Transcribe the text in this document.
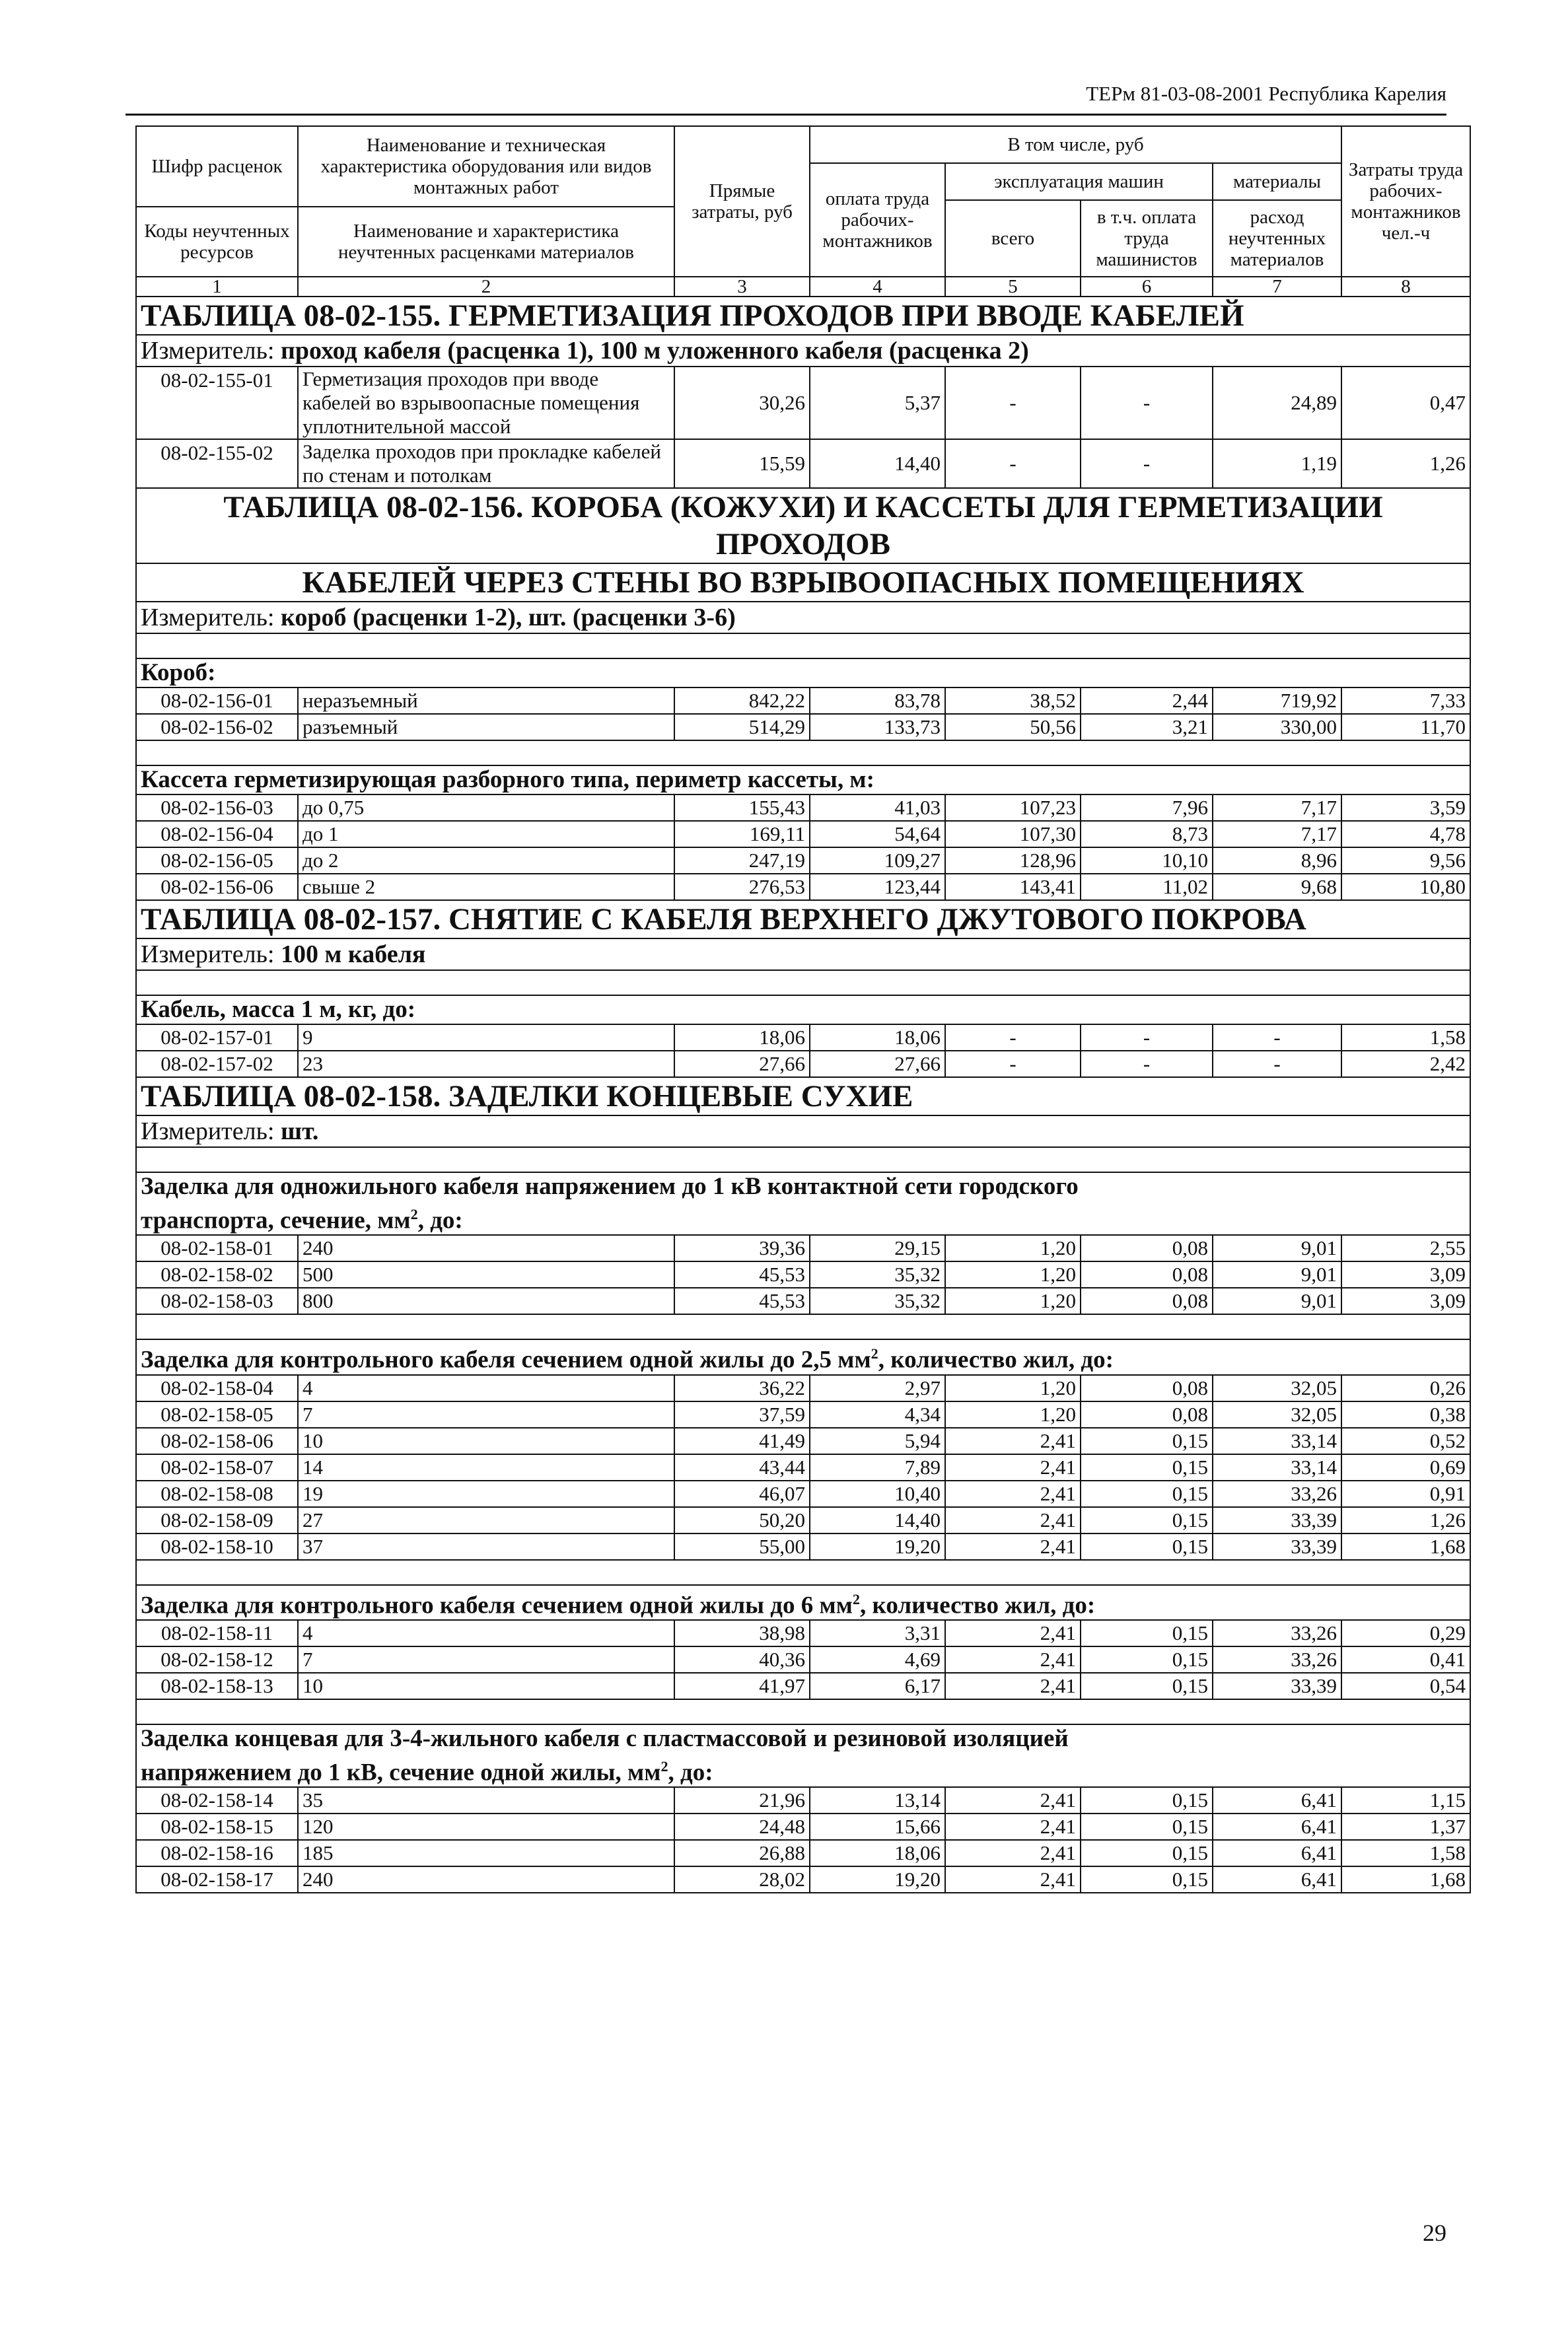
ТЕРм 81-03-08-2001 Республика Карелия
Шифр расценок	Наименование и техническая характеристика оборудования или видов монтажных работ	Прямые затраты, руб	В том числе, руб				Затраты труда рабочих-монтажников чел.-ч
			оплата труда рабочих-монтажников	эксплуатация машин		материалы	
				всего	в т.ч. оплата труда машинистов	расход неучтенных материалов	
Коды неучтенных ресурсов	Наименование и характеристика неучтенных расценками материалов						

1	2	3	4	5	6	7	8
ТАБЛИЦА 08-02-155. ГЕРМЕТИЗАЦИЯ ПРОХОДОВ ПРИ ВВОДЕ КАБЕЛЕЙ							
Измеритель: проход кабеля (расценка 1), 100 м уложенного кабеля (расценка 2)							
08-02-155-01	Герметизация проходов при вводе кабелей во взрывоопасные помещения уплотнительной массой	30,26	5,37	-	-	24,89	0,47
08-02-155-02	Заделка проходов при прокладке кабелей по стенам и потолкам	15,59	14,40	-	-	1,19	1,26
ТАБЛИЦА 08-02-156. КОРОБА (КОЖУХИ) И КАССЕТЫ ДЛЯ ГЕРМЕТИЗАЦИИ ПРОХОДОВ							
КАБЕЛЕЙ ЧЕРЕЗ СТЕНЫ ВО ВЗРЫВООПАСНЫХ ПОМЕЩЕНИЯХ							
Измеритель: короб (расценки 1-2), шт. (расценки 3-6)							

Короб:							
08-02-156-01	неразъемный	842,22	83,78	38,52	2,44	719,92	7,33
08-02-156-02	разъемный	514,29	133,73	50,56	3,21	330,00	11,70

Кассета герметизирующая разборного типа, периметр кассеты, м:							
08-02-156-03	до 0,75	155,43	41,03	107,23	7,96	7,17	3,59
08-02-156-04	до 1	169,11	54,64	107,30	8,73	7,17	4,78
08-02-156-05	до 2	247,19	109,27	128,96	10,10	8,96	9,56
08-02-156-06	свыше 2	276,53	123,44	143,41	11,02	9,68	10,80
ТАБЛИЦА 08-02-157. СНЯТИЕ С КАБЕЛЯ ВЕРХНЕГО ДЖУТОВОГО ПОКРОВА							
Измеритель: 100 м кабеля							

Кабель, масса 1 м, кг, до:							
08-02-157-01	9	18,06	18,06	-	-	-	1,58
08-02-157-02	23	27,66	27,66	-	-	-	2,42
ТАБЛИЦА 08-02-158. ЗАДЕЛКИ КОНЦЕВЫЕ СУХИЕ							
Измеритель: шт.							

Заделка для одножильного кабеля напряжением до 1 кВ контактной сети городского
транспорта, сечение, $мм^2$, до:							
08-02-158-01	240	39,36	29,15	1,20	0,08	9,01	2,55
08-02-158-02	500	45,53	35,32	1,20	0,08	9,01	3,09
08-02-158-03	800	45,53	35,32	1,20	0,08	9,01	3,09

Заделка для контрольного кабеля сечением одной жилы до 2,5 $мм^2$, количество жил, до:							
08-02-158-04	4	36,22	2,97	1,20	0,08	32,05	0,26
08-02-158-05	7	37,59	4,34	1,20	0,08	32,05	0,38
08-02-158-06	10	41,49	5,94	2,41	0,15	33,14	0,52
08-02-158-07	14	43,44	7,89	2,41	0,15	33,14	0,69
08-02-158-08	19	46,07	10,40	2,41	0,15	33,26	0,91
08-02-158-09	27	50,20	14,40	2,41	0,15	33,39	1,26
08-02-158-10	37	55,00	19,20	2,41	0,15	33,39	1,68

Заделка для контрольного кабеля сечением одной жилы до 6 $мм^2$, количество жил, до:							
08-02-158-11	4	38,98	3,31	2,41	0,15	33,26	0,29
08-02-158-12	7	40,36	4,69	2,41	0,15	33,26	0,41
08-02-158-13	10	41,97	6,17	2,41	0,15	33,39	0,54

Заделка концевая для 3-4-жильного кабеля с пластмассовой и резиновой изоляцией
напряжением до 1 кВ, сечение одной жилы, $мм^2$, до:							
08-02-158-14	35	21,96	13,14	2,41	0,15	6,41	1,15
08-02-158-15	120	24,48	15,66	2,41	0,15	6,41	1,37
08-02-158-16	185	26,88	18,06	2,41	0,15	6,41	1,58
08-02-158-17	240	28,02	19,20	2,41	0,15	6,41	1,68
29
